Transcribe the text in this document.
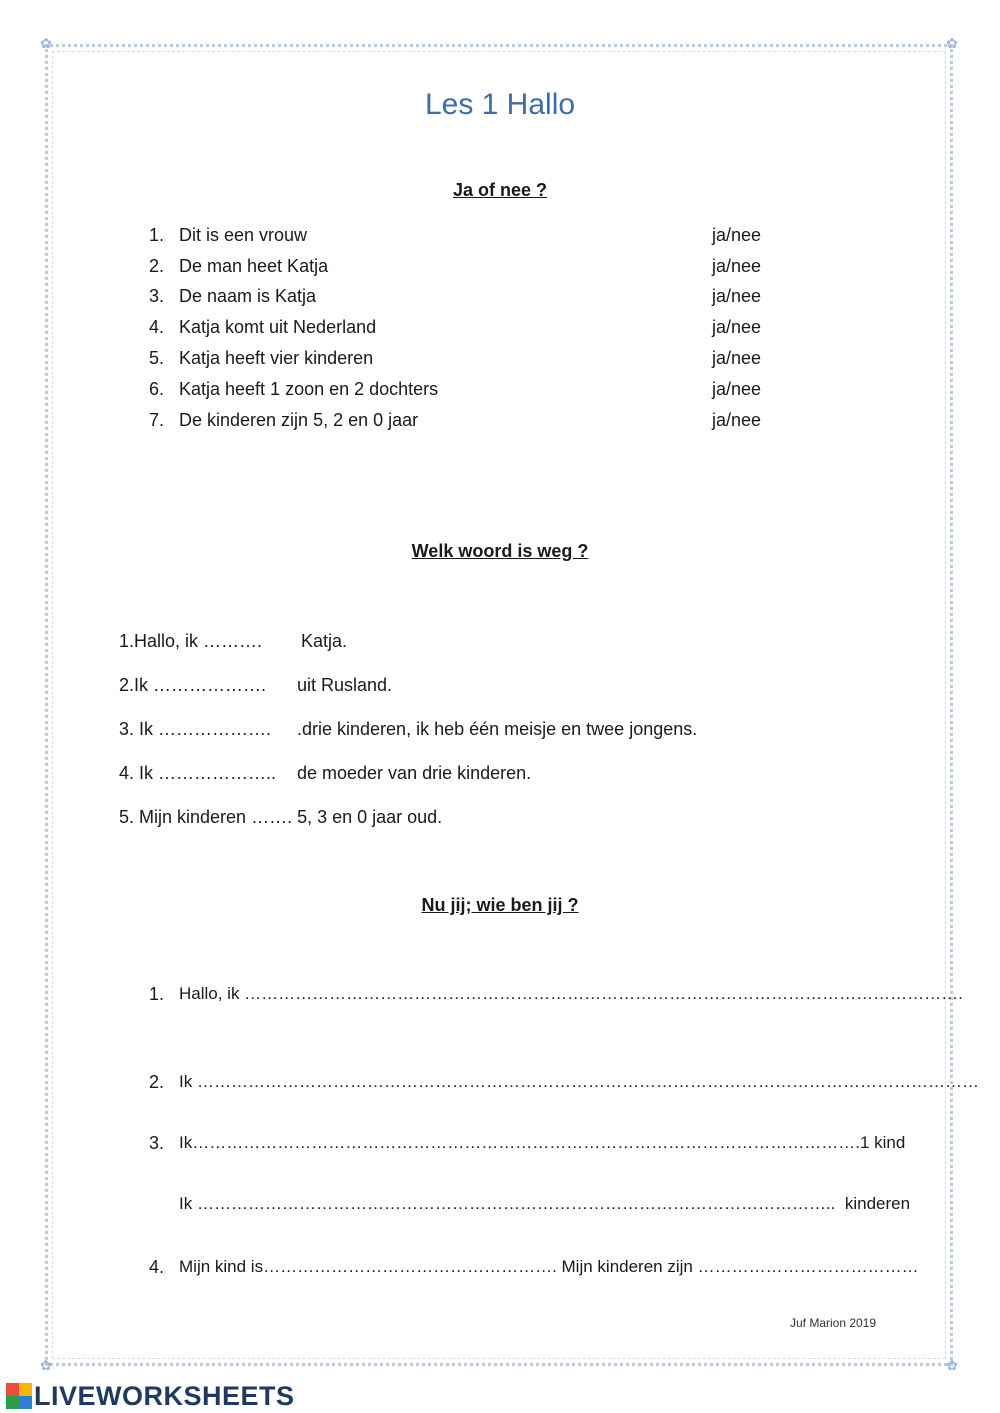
✿	✿
✿	✿
Les 1 Hallo
Ja of nee ?
1. Dit is een vrouw	ja/nee
2. De man heet Katja	ja/nee
3. De naam is Katja	ja/nee
4. Katja komt uit Nederland	ja/nee
5. Katja heeft vier kinderen	ja/nee
6. Katja heeft 1 zoon en 2 dochters	ja/nee
7. De kinderen zijn 5, 2 en 0 jaar	ja/nee
Welk woord is weg ?
1.Hallo, ik ………. Katja.
2.Ik ………………. uit Rusland.
3. Ik ………………. .drie kinderen, ik heb één meisje en twee jongens.
4. Ik ……………….. de moeder van drie kinderen.
5. Mijn kinderen ……. 5, 3 en 0 jaar oud.
Nu jij; wie ben jij ?
1. Hallo, ik ……………………………………………………………………………………………………………….
2. Ik …………………………………………………………………………………………………………………………
3. Ik……………………………………………………………………………………………………….1 kind
Ik …………………………………………………………………………………………………..  kinderen
4. Mijn kind is……………………………………………. Mijn kinderen zijn …………………………………
Juf Marion 2019
LIVEWORKSHEETS
